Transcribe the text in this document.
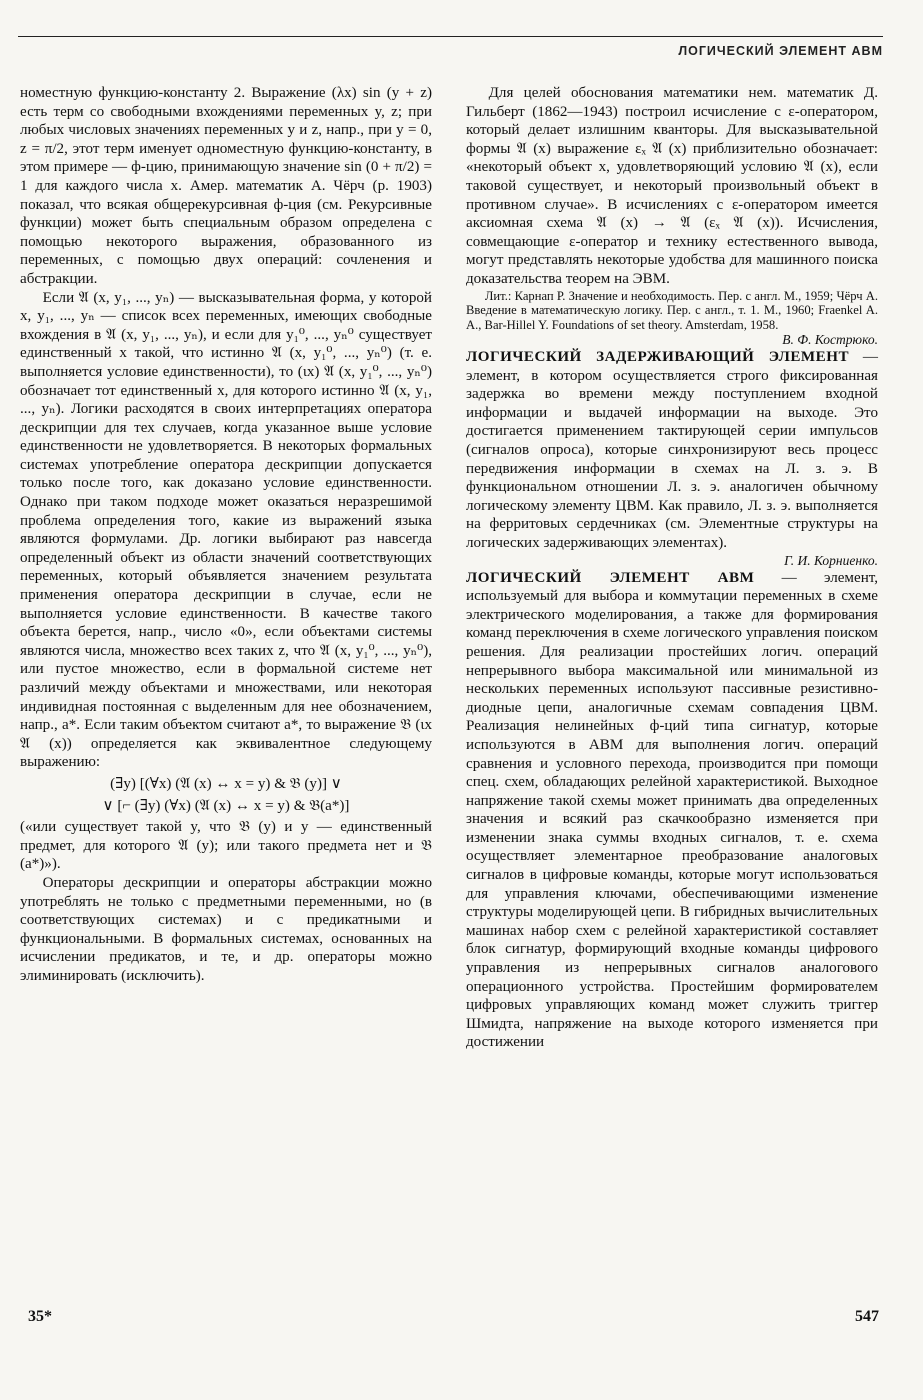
ЛОГИЧЕСКИЙ ЭЛЕМЕНТ АВМ

номестную функцию-константу 2. Выражение (λx) sin (y + z) есть терм со свободными вхождениями переменных y, z; при любых числовых значениях переменных y и z, напр., при y = 0, z = π/2, этот терм именует одноместную функцию-константу, в этом примере — ф-цию, принимающую значение sin (0 + π/2) = 1 для каждого числа x. Амер. математик А. Чёрч (р. 1903) показал, что всякая общерекурсивная ф-ция (см. Рекурсивные функции) может быть специальным образом определена с помощью некоторого выражения, образованного из переменных, с помощью двух операций: сочленения и абстракции.

Если 𝔄 (x, y₁, ..., yₙ) — высказывательная форма, у которой x, y₁, ..., yₙ — список всех переменных, имеющих свободные вхождения в 𝔄 (x, y₁, ..., yₙ), и если для y₁⁰, ..., yₙ⁰ существует единственный x такой, что истинно 𝔄 (x, y₁⁰, ..., yₙ⁰) (т. е. выполняется условие единственности), то (ιx) 𝔄 (x, y₁⁰, ..., yₙ⁰) обозначает тот единственный x, для которого истинно 𝔄 (x, y₁, ..., yₙ). Логики расходятся в своих интерпретациях оператора дескрипции для тех случаев, когда указанное выше условие единственности не удовлетворяется. В некоторых формальных системах употребление оператора дескрипции допускается только после того, как доказано условие единственности. Однако при таком подходе может оказаться неразрешимой проблема определения того, какие из выражений языка являются формулами. Др. логики выбирают раз навсегда определенный объект из области значений соответствующих переменных, который объявляется значением результата применения оператора дескрипции в случае, если не выполняется условие единственности. В качестве такого объекта берется, напр., число «0», если объектами системы являются числа, множество всех таких z, что 𝔄 (x, y₁⁰, ..., yₙ⁰), или пустое множество, если в формальной системе нет различий между объектами и множествами, или некоторая индивидная постоянная с выделенным для нее обозначением, напр., a*. Если таким объектом считают a*, то выражение 𝔅 (ιx 𝔄 (x)) определяется как эквивалентное следующему выражению:

(∃y) [(∀x) (𝔄 (x) ↔ x = y) & 𝔅 (y)] ∨

∨ [⌐ (∃y) (∀x) (𝔄 (x) ↔ x = y) & 𝔅(a*)]

(«или существует такой y, что 𝔅 (y) и y — единственный предмет, для которого 𝔄 (y); или такого предмета нет и 𝔅 (a*)»).

Операторы дескрипции и операторы абстракции можно употреблять не только с предметными переменными, но (в соответствующих системах) и с предикатными и функциональными. В формальных системах, основанных на исчислении предикатов, и те, и др. операторы можно элиминировать (исключить).

Для целей обоснования математики нем. математик Д. Гильберт (1862—1943) построил исчисление с ε-оператором, который делает излишним кванторы. Для высказывательной формы 𝔄 (x) выражение εₓ 𝔄 (x) приблизительно обозначает: «некоторый объект x, удовлетворяющий условию 𝔄 (x), если таковой существует, и некоторый произвольный объект в противном случае». В исчислениях с ε-оператором имеется аксиомная схема 𝔄 (x) → 𝔄 (εₓ 𝔄 (x)). Исчисления, совмещающие ε-оператор и технику естественного вывода, могут представлять некоторые удобства для машинного поиска доказательства теорем на ЭВМ.

Лит.: Карнап Р. Значение и необходимость. Пер. с англ. М., 1959; Чёрч А. Введение в математическую логику. Пер. с англ., т. 1. М., 1960; Fraenkel A. A., Bar-Hillel Y. Foundations of set theory. Amsterdam, 1958.

В. Ф. Кострюко.

ЛОГИЧЕСКИЙ ЗАДЕРЖИВАЮЩИЙ ЭЛЕМЕНТ — элемент, в котором осуществляется строго фиксированная задержка во времени между поступлением входной информации и выдачей информации на выходе. Это достигается применением тактирующей серии импульсов (сигналов опроса), которые синхронизируют весь процесс передвижения информации в схемах на Л. з. э. В функциональном отношении Л. з. э. аналогичен обычному логическому элементу ЦВМ. Как правило, Л. з. э. выполняется на ферритовых сердечниках (см. Элементные структуры на логических задерживающих элементах).

Г. И. Корниенко.

ЛОГИЧЕСКИЙ ЭЛЕМЕНТ АВМ — элемент, используемый для выбора и коммутации переменных в схеме электрического моделирования, а также для формирования команд переключения в схеме логического управления поиском решения. Для реализации простейших логич. операций непрерывного выбора максимальной или минимальной из нескольких переменных используют пассивные резистивно-диодные цепи, аналогичные схемам совпадения ЦВМ. Реализация нелинейных ф-ций типа сигнатур, которые используются в АВМ для выполнения логич. операций сравнения и условного перехода, производится при помощи спец. схем, обладающих релейной характеристикой. Выходное напряжение такой схемы может принимать два определенных значения и всякий раз скачкообразно изменяется при изменении знака суммы входных сигналов, т. е. схема осуществляет элементарное преобразование аналоговых сигналов в цифровые команды, которые могут использоваться для управления ключами, обеспечивающими изменение структуры моделирующей цепи. В гибридных вычислительных машинах набор схем с релейной характеристикой составляет блок сигнатур, формирующий входные команды цифрового управления из непрерывных сигналов аналогового операционного устройства. Простейшим формирователем цифровых управляющих команд может служить триггер Шмидта, напряжение на выходе которого изменяется при достижении

35*	547
